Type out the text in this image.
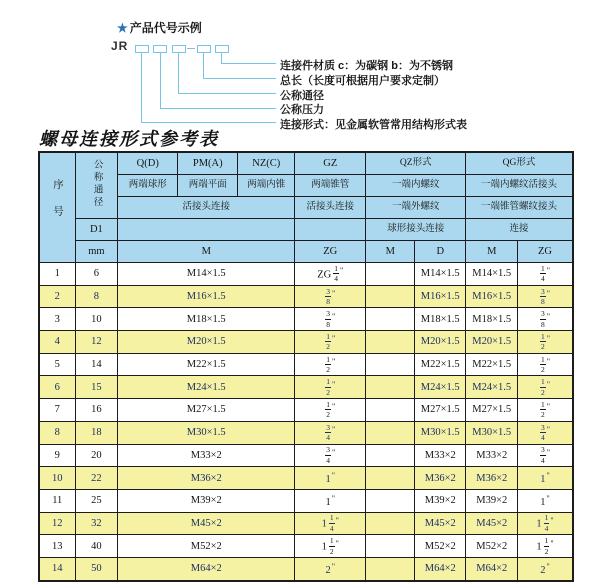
★ 产品代号示例
JR
连接件材质 c：为碳钢 b：为不锈钢
总长（长度可根据用户要求定制）
公称通径
公称压力
连接形式：见金属软管常用结构形式表
螺母连接形式参考表
序号	公称通径	Q(D)	PM(A)	NZ(C)	GZ	QZ形式		QG形式	
		两端球形	两端平面	两端内锥	两端锥管	一端内螺纹		一端内螺纹活接头	
		活接头连接			活接头连接	一端外螺纹		一端锥管螺纹接头	
	D1					球形接头连接		连接	
	mm	M			ZG	M	D	M	ZG
1	6	M14×1.5			ZG $\frac{1}{4} ^"$		M14×1.5	M14×1.5	$\frac{1}{4} ^"$
2	8	M16×1.5			$\frac{3}{8} ^"$		M16×1.5	M16×1.5	$\frac{3}{8} ^"$
3	10	M18×1.5			$\frac{3}{8} ^"$		M18×1.5	M18×1.5	$\frac{3}{8} ^"$
4	12	M20×1.5			$\frac{1}{2} ^"$		M20×1.5	M20×1.5	$\frac{1}{2} ^"$
5	14	M22×1.5			$\frac{1}{2} ^"$		M22×1.5	M22×1.5	$\frac{1}{2} ^"$
6	15	M24×1.5			$\frac{1}{2} ^"$		M24×1.5	M24×1.5	$\frac{1}{2} ^"$
7	16	M27×1.5			$\frac{1}{2} ^"$		M27×1.5	M27×1.5	$\frac{1}{2} ^"$
8	18	M30×1.5			$\frac{3}{4} ^"$		M30×1.5	M30×1.5	$\frac{3}{4} ^"$
9	20	M33×2			$\frac{3}{4} ^"$		M33×2	M33×2	$\frac{3}{4} ^"$
10	22	M36×2			1"		M36×2	M36×2	1"
11	25	M39×2			1"		M39×2	M39×2	1"
12	32	M45×2			$1 \frac{1}{4} ^"$		M45×2	M45×2	$1 \frac{1}{4} ^"$
13	40	M52×2			$1 \frac{1}{2} ^"$		M52×2	M52×2	$1 \frac{1}{2} ^"$
14	50	M64×2			2"		M64×2	M64×2	2"
